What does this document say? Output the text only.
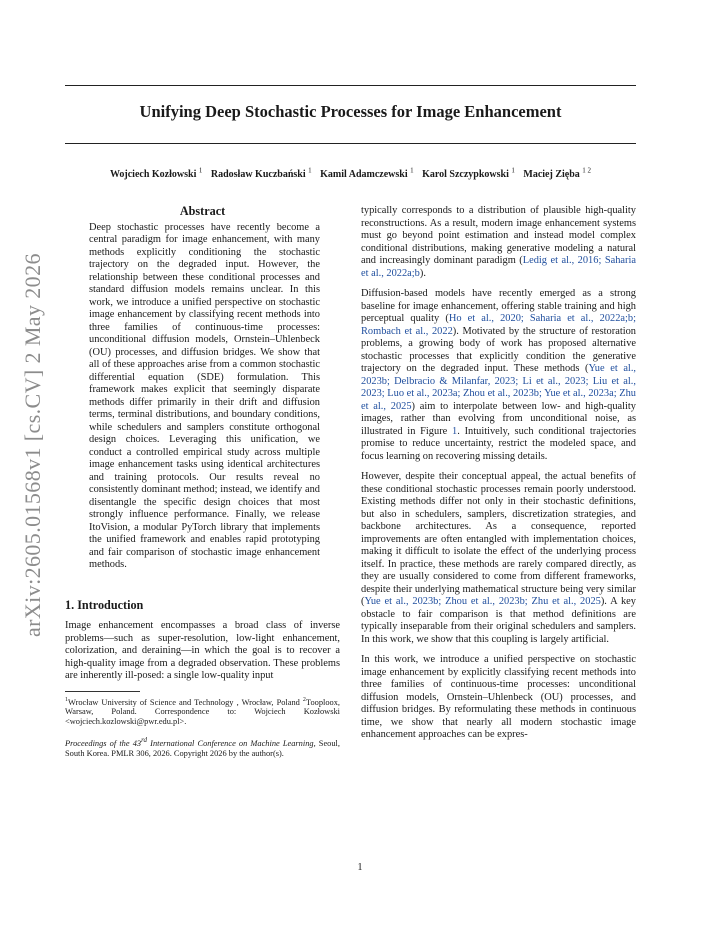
arXiv:2605.01568v1 [cs.CV] 2 May 2026
Unifying Deep Stochastic Processes for Image Enhancement
Wojciech Kozłowski $^1$ Radosław Kuczbański $^1$ Kamil Adamczewski $^1$ Karol Szczypkowski $^1$ Maciej Zięba $^{1 2}$
Abstract
Deep stochastic processes have recently become a central paradigm for image enhancement, with many methods explicitly conditioning the stochastic trajectory on the degraded input. However, the relationship between these conditional processes and standard diffusion models remains unclear. In this work, we introduce a unified perspective on stochastic image enhancement by classifying recent methods into three families of continuous-time processes: unconditional diffusion models, Ornstein–Uhlenbeck (OU) processes, and diffusion bridges. We show that all of these approaches arise from a common stochastic differential equation (SDE) formulation. This framework makes explicit that seemingly disparate methods differ primarily in their drift and diffusion terms, terminal distributions, and boundary conditions, while schedulers and samplers constitute orthogonal design choices. Leveraging this unification, we conduct a controlled empirical study across multiple image enhancement tasks using identical architectures and training protocols. Our results reveal no consistently dominant method; instead, we identify and disentangle the specific design choices that most strongly influence performance. Finally, we release ItoVision, a modular PyTorch library that implements the unified framework and enables rapid prototyping and fair comparison of stochastic image enhancement methods.
1. Introduction

Image enhancement encompasses a broad class of inverse problems—such as super-resolution, low-light enhancement, colorization, and deraining—in which the goal is to recover a high-quality image from a degraded observation. These problems are inherently ill-posed: a single low-quality input

$^1$Wrocław University of Science and Technology , Wrocław, Poland $^2$Tooploox, Warsaw, Poland. Correspondence to: Wojciech Kozłowski <wojciech.kozlowski@pwr.edu.pl>.

Proceedings of the 43rd International Conference on Machine Learning, Seoul, South Korea. PMLR 306, 2026. Copyright 2026 by the author(s).

typically corresponds to a distribution of plausible high-quality reconstructions. As a result, modern image enhancement systems must go beyond point estimation and instead model complex conditional distributions, making generative modeling a natural and increasingly dominant paradigm (Ledig et al., 2016; Saharia et al., 2022a;b).

Diffusion-based models have recently emerged as a strong baseline for image enhancement, offering stable training and high perceptual quality (Ho et al., 2020; Saharia et al., 2022a;b; Rombach et al., 2022). Motivated by the structure of restoration problems, a growing body of work has proposed alternative stochastic processes that explicitly condition the generative trajectory on the degraded input. These methods (Yue et al., 2023b; Delbracio & Milanfar, 2023; Li et al., 2023; Liu et al., 2023; Luo et al., 2023a; Zhou et al., 2023b; Yue et al., 2023a; Zhu et al., 2025) aim to interpolate between low- and high-quality images, rather than evolving from unconditional noise, as illustrated in Figure 1. Intuitively, such conditional trajectories promise to reduce uncertainty, restrict the modeled space, and focus learning on recovering missing details.

However, despite their conceptual appeal, the actual benefits of these conditional stochastic processes remain poorly understood. Existing methods differ not only in their stochastic definitions, but also in schedulers, samplers, discretization strategies, and backbone architectures. As a consequence, reported improvements are often entangled with implementation choices, making it difficult to isolate the effect of the underlying process itself. In practice, these methods are rarely compared directly, as they are usually considered to come from different frameworks, despite their underlying mathematical structure being very similar (Yue et al., 2023b; Zhou et al., 2023b; Zhu et al., 2025). A key obstacle to fair comparison is that method definitions are typically inseparable from their original schedulers and samplers. In this work, we show that this coupling is largely artificial.

In this work, we introduce a unified perspective on stochastic image enhancement by explicitly classifying recent methods into three families of continuous-time processes: unconditional diffusion models, Ornstein–Uhlenbeck (OU) processes, and diffusion bridges. By reformulating these methods in continuous time, we show that nearly all modern stochastic image enhancement approaches can be expres-

1
